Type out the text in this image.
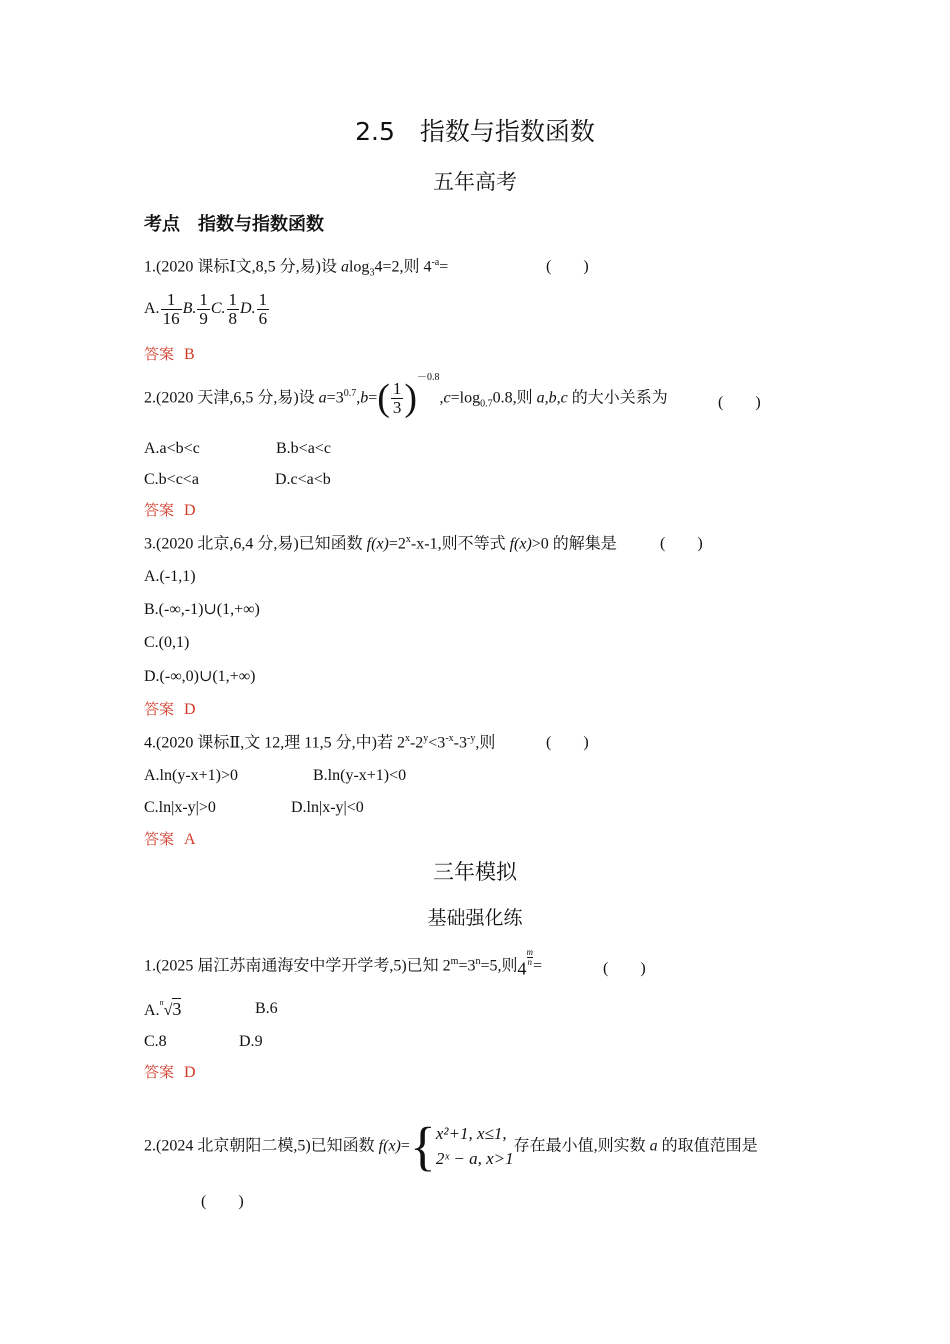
2.5　指数与指数函数
五年高考
考点　指数与指数函数
1.(2020 课标Ⅰ文,8,5 分,易)设 alog$_3$4=2,则 $4^{-a}=$	(　　)
A. $\frac{1}{16} B$. $\frac{1}{9} C$. $\frac{1}{8} D$. $\frac{1}{6}$
答案 B
2.(2020 天津,6,5 分,易)设 $a=3^{0.7},b=( \frac{1}{3} )-0.8,c=\log_{0.7}0.8$,则 a,b,c 的大小关系为	(　　)
A.a<b<c	B.b<a<c
C.b<c<a	D.c<a<b
答案 D
3.(2020 北京,6,4 分,易)已知函数 $f(x)=2^x-x-1$,则不等式 f(x)>0 的解集是	(　　)
A.(-1,1)
B.(-∞,-1)∪(1,+∞)
C.(0,1)
D.(-∞,0)∪(1,+∞)
答案 D
4.(2020 课标Ⅱ,文 12,理 11,5 分,中)若 $2^x-2^y<3^{-x}-3^{-y}$,则	(　　)
A.ln(y-x+1)>0	B.ln(y-x+1)<0
C.ln|x-y|>0	D.ln|x-y|<0
答案 A
三年模拟
基础强化练
1.(2025 届江苏南通海安中学开学考,5)已知 $2^m=3^n=5$,则4
$\frac{m}{n}$ =	(　　)
A.$^n$√3	B.6
C.8	D.9
答案 D
2.(2024 北京朝阳二模,5)已知函数 f(x)={ x²+1, x≤1,
2ˣ − a, x>1
存在最小值,则实数 a 的取值范围是
(　　)
